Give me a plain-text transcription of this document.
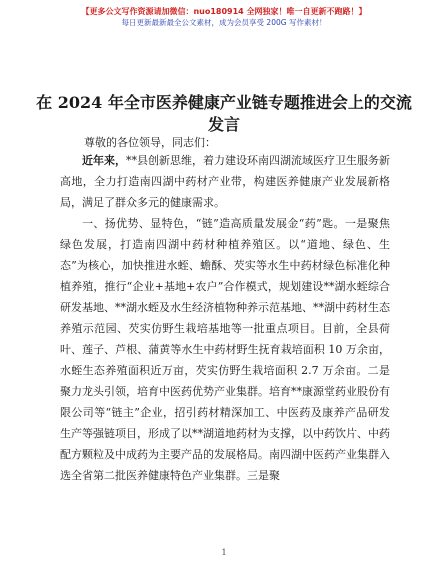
【更多公文写作资源请加微信：nuo180914 全网独家！唯一自更新不跑路！】
每日更新最新最全公文素材，成为会员享受 200G 写作素材！
在 2024 年全市医养健康产业链专题推进会上的交流发言
尊敬的各位领导，同志们：

近年来，**县创新思维，着力建设环南四湖流域医疗卫生服务新高地，全力打造南四湖中药材产业带，构建医养健康产业发展新格局，满足了群众多元的健康需求。

一、扬优势、显特色，“链”造高质量发展金“药”匙。一是聚焦绿色发展，打造南四湖中药材种植养殖区。以“道地、绿色、生态”为核心，加快推进水蛭、蟾酥、芡实等水生中药材绿色标准化种植养殖，推行“企业+基地+农户”合作模式，规划建设**湖水蛭综合研发基地、**湖水蛭及水生经济植物种养示范基地、**湖中药材生态养殖示范园、芡实仿野生栽培基地等一批重点项目。目前，全县荷叶、莲子、芦根、蒲黄等水生中药材野生抚育栽培面积 10 万余亩，水蛭生态养殖面积近万亩，芡实仿野生栽培面积 2.7 万余亩。二是聚力龙头引领，培育中医药优势产业集群。培育**康源堂药业股份有限公司等“链主”企业，招引药材精深加工、中医药及康养产品研发生产等强链项目，形成了以**湖道地药材为支撑，以中药饮片、中药配方颗粒及中成药为主要产品的发展格局。南四湖中医药产业集群入选全省第二批医养健康特色产业集群。三是聚

1
